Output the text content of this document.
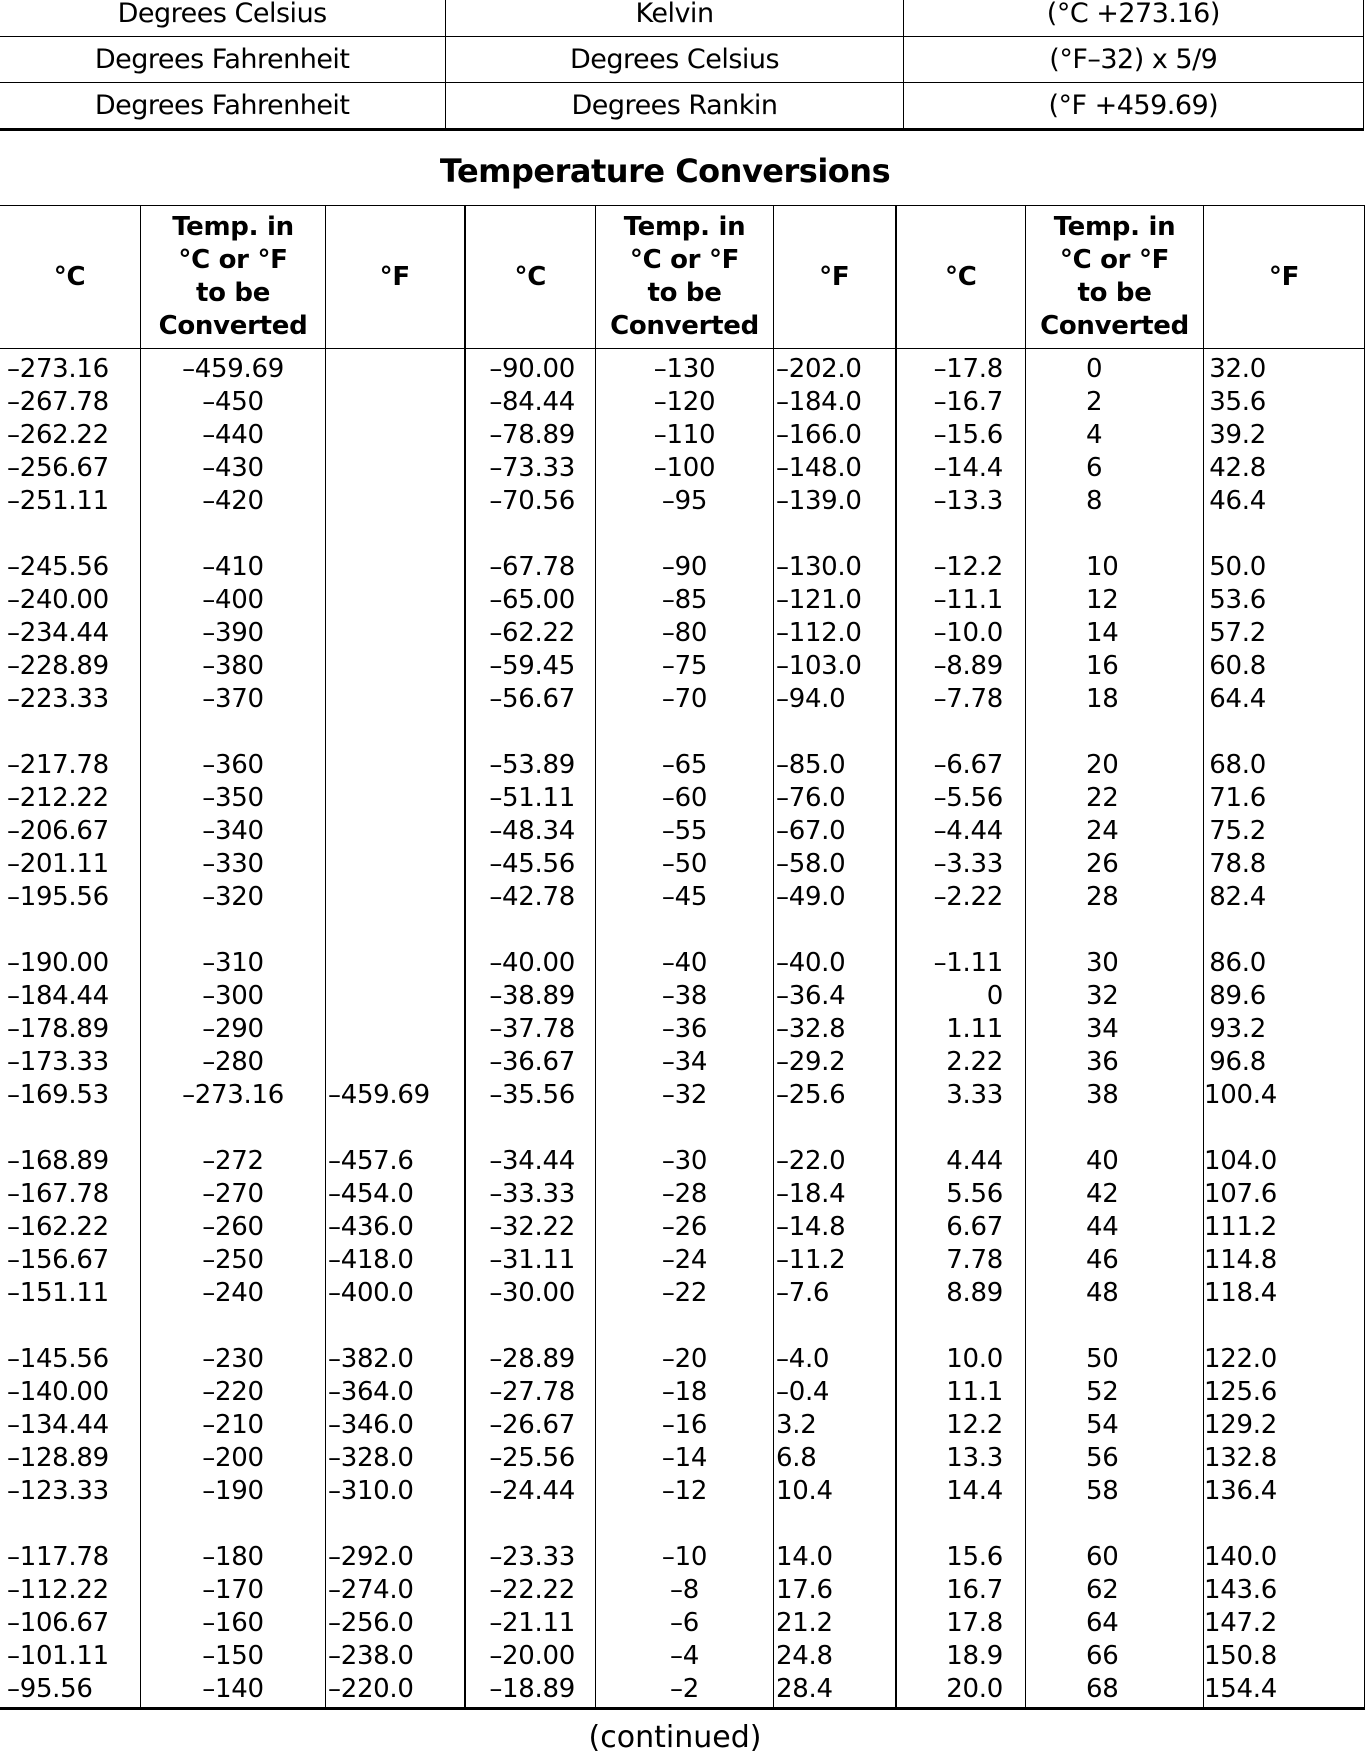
Degrees Celsius	Kelvin	(°C +273.16)
Degrees Fahrenheit	Degrees Celsius	(°F–32) x 5/9
Degrees Fahrenheit	Degrees Rankin	(°F +459.69)
Temperature Conversions
°C	Temp. in
°C or °F
to be
Converted	°F	°C	Temp. in
°C or °F
to be
Converted	°F	°C	Temp. in
°C or °F
to be
Converted	°F
–273.16	–459.69		–90.00	–130	–202.0	–17.8	0	32.0
–267.78	–450		–84.44	–120	–184.0	–16.7	2	35.6
–262.22	–440		–78.89	–110	–166.0	–15.6	4	39.2
–256.67	–430		–73.33	–100	–148.0	–14.4	6	42.8
–251.11	–420		–70.56	–95	–139.0	–13.3	8	46.4

–245.56	–410		–67.78	–90	–130.0	–12.2	10	50.0
–240.00	–400		–65.00	–85	–121.0	–11.1	12	53.6
–234.44	–390		–62.22	–80	–112.0	–10.0	14	57.2
–228.89	–380		–59.45	–75	–103.0	–8.89	16	60.8
–223.33	–370		–56.67	–70	–94.0	–7.78	18	64.4

–217.78	–360		–53.89	–65	–85.0	–6.67	20	68.0
–212.22	–350		–51.11	–60	–76.0	–5.56	22	71.6
–206.67	–340		–48.34	–55	–67.0	–4.44	24	75.2
–201.11	–330		–45.56	–50	–58.0	–3.33	26	78.8
–195.56	–320		–42.78	–45	–49.0	–2.22	28	82.4

–190.00	–310		–40.00	–40	–40.0	–1.11	30	86.0
–184.44	–300		–38.89	–38	–36.4	0	32	89.6
–178.89	–290		–37.78	–36	–32.8	1.11	34	93.2
–173.33	–280		–36.67	–34	–29.2	2.22	36	96.8
–169.53	–273.16	–459.69	–35.56	–32	–25.6	3.33	38	100.4

–168.89	–272	–457.6	–34.44	–30	–22.0	4.44	40	104.0
–167.78	–270	–454.0	–33.33	–28	–18.4	5.56	42	107.6
–162.22	–260	–436.0	–32.22	–26	–14.8	6.67	44	111.2
–156.67	–250	–418.0	–31.11	–24	–11.2	7.78	46	114.8
–151.11	–240	–400.0	–30.00	–22	–7.6	8.89	48	118.4

–145.56	–230	–382.0	–28.89	–20	–4.0	10.0	50	122.0
–140.00	–220	–364.0	–27.78	–18	–0.4	11.1	52	125.6
–134.44	–210	–346.0	–26.67	–16	3.2	12.2	54	129.2
–128.89	–200	–328.0	–25.56	–14	6.8	13.3	56	132.8
–123.33	–190	–310.0	–24.44	–12	10.4	14.4	58	136.4

–117.78	–180	–292.0	–23.33	–10	14.0	15.6	60	140.0
–112.22	–170	–274.0	–22.22	–8	17.6	16.7	62	143.6
–106.67	–160	–256.0	–21.11	–6	21.2	17.8	64	147.2
–101.11	–150	–238.0	–20.00	–4	24.8	18.9	66	150.8
–95.56	–140	–220.0	–18.89	–2	28.4	20.0	68	154.4
(continued)
